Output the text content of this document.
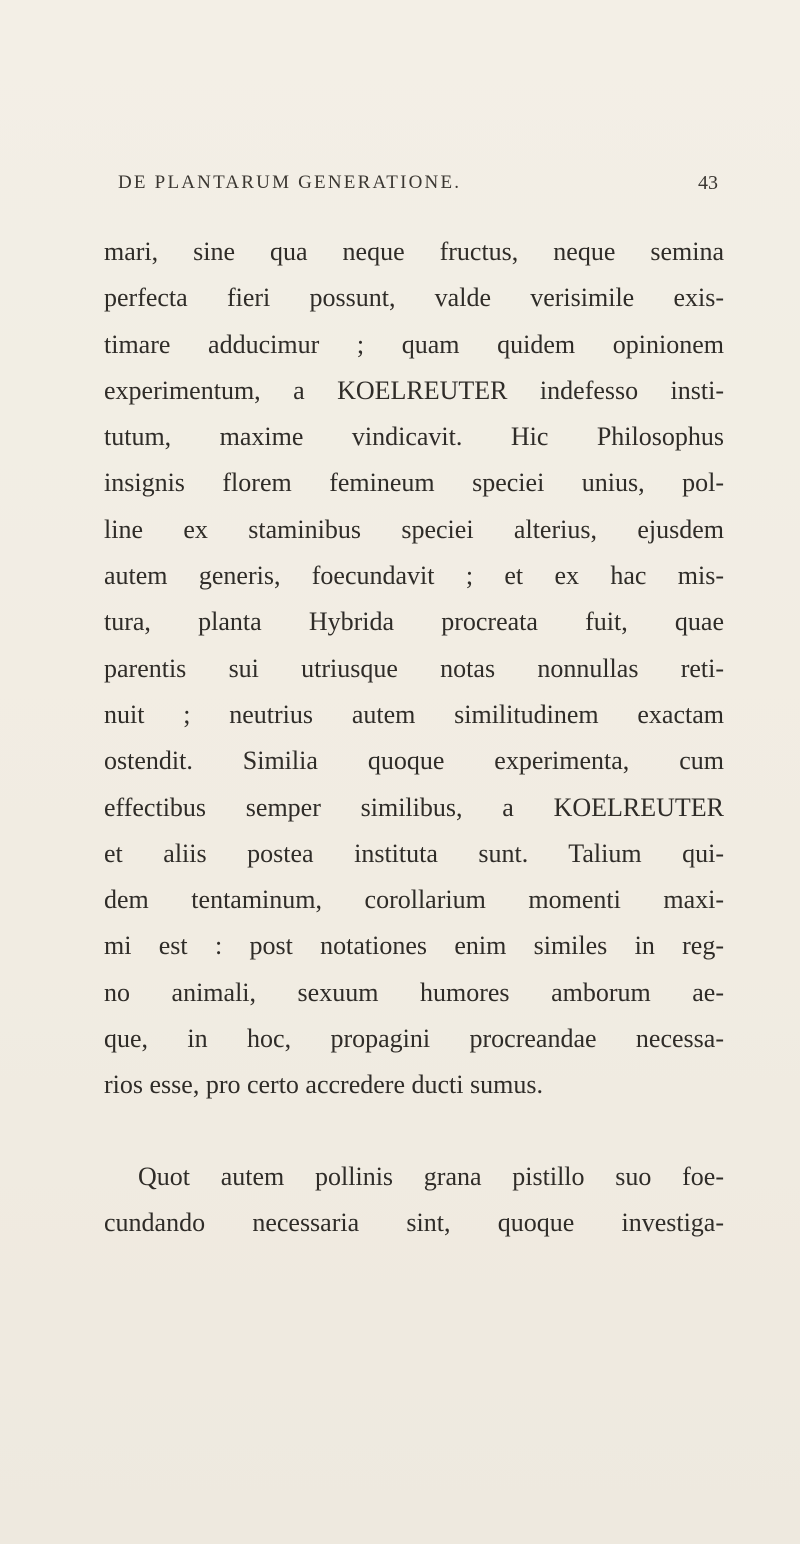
DE PLANTARUM GENERATIONE.	43
mari, sine qua neque fructus, neque semina
perfecta fieri possunt, valde verisimile exis-
timare adducimur ; quam quidem opinionem
experimentum, a KOELREUTER indefesso insti-
tutum, maxime vindicavit. Hic Philosophus
insignis florem femineum speciei unius, pol-
line ex staminibus speciei alterius, ejusdem
autem generis, foecundavit ; et ex hac mis-
tura, planta Hybrida procreata fuit, quae
parentis sui utriusque notas nonnullas reti-
nuit ; neutrius autem similitudinem exactam
ostendit. Similia quoque experimenta, cum
effectibus semper similibus, a KOELREUTER
et aliis postea instituta sunt. Talium qui-
dem tentaminum, corollarium momenti maxi-
mi est : post notationes enim similes in reg-
no animali, sexuum humores amborum ae-
que, in hoc, propagini procreandae necessa-
rios esse, pro certo accredere ducti sumus.
Quot autem pollinis grana pistillo suo foe-
cundando necessaria sint, quoque investiga-
